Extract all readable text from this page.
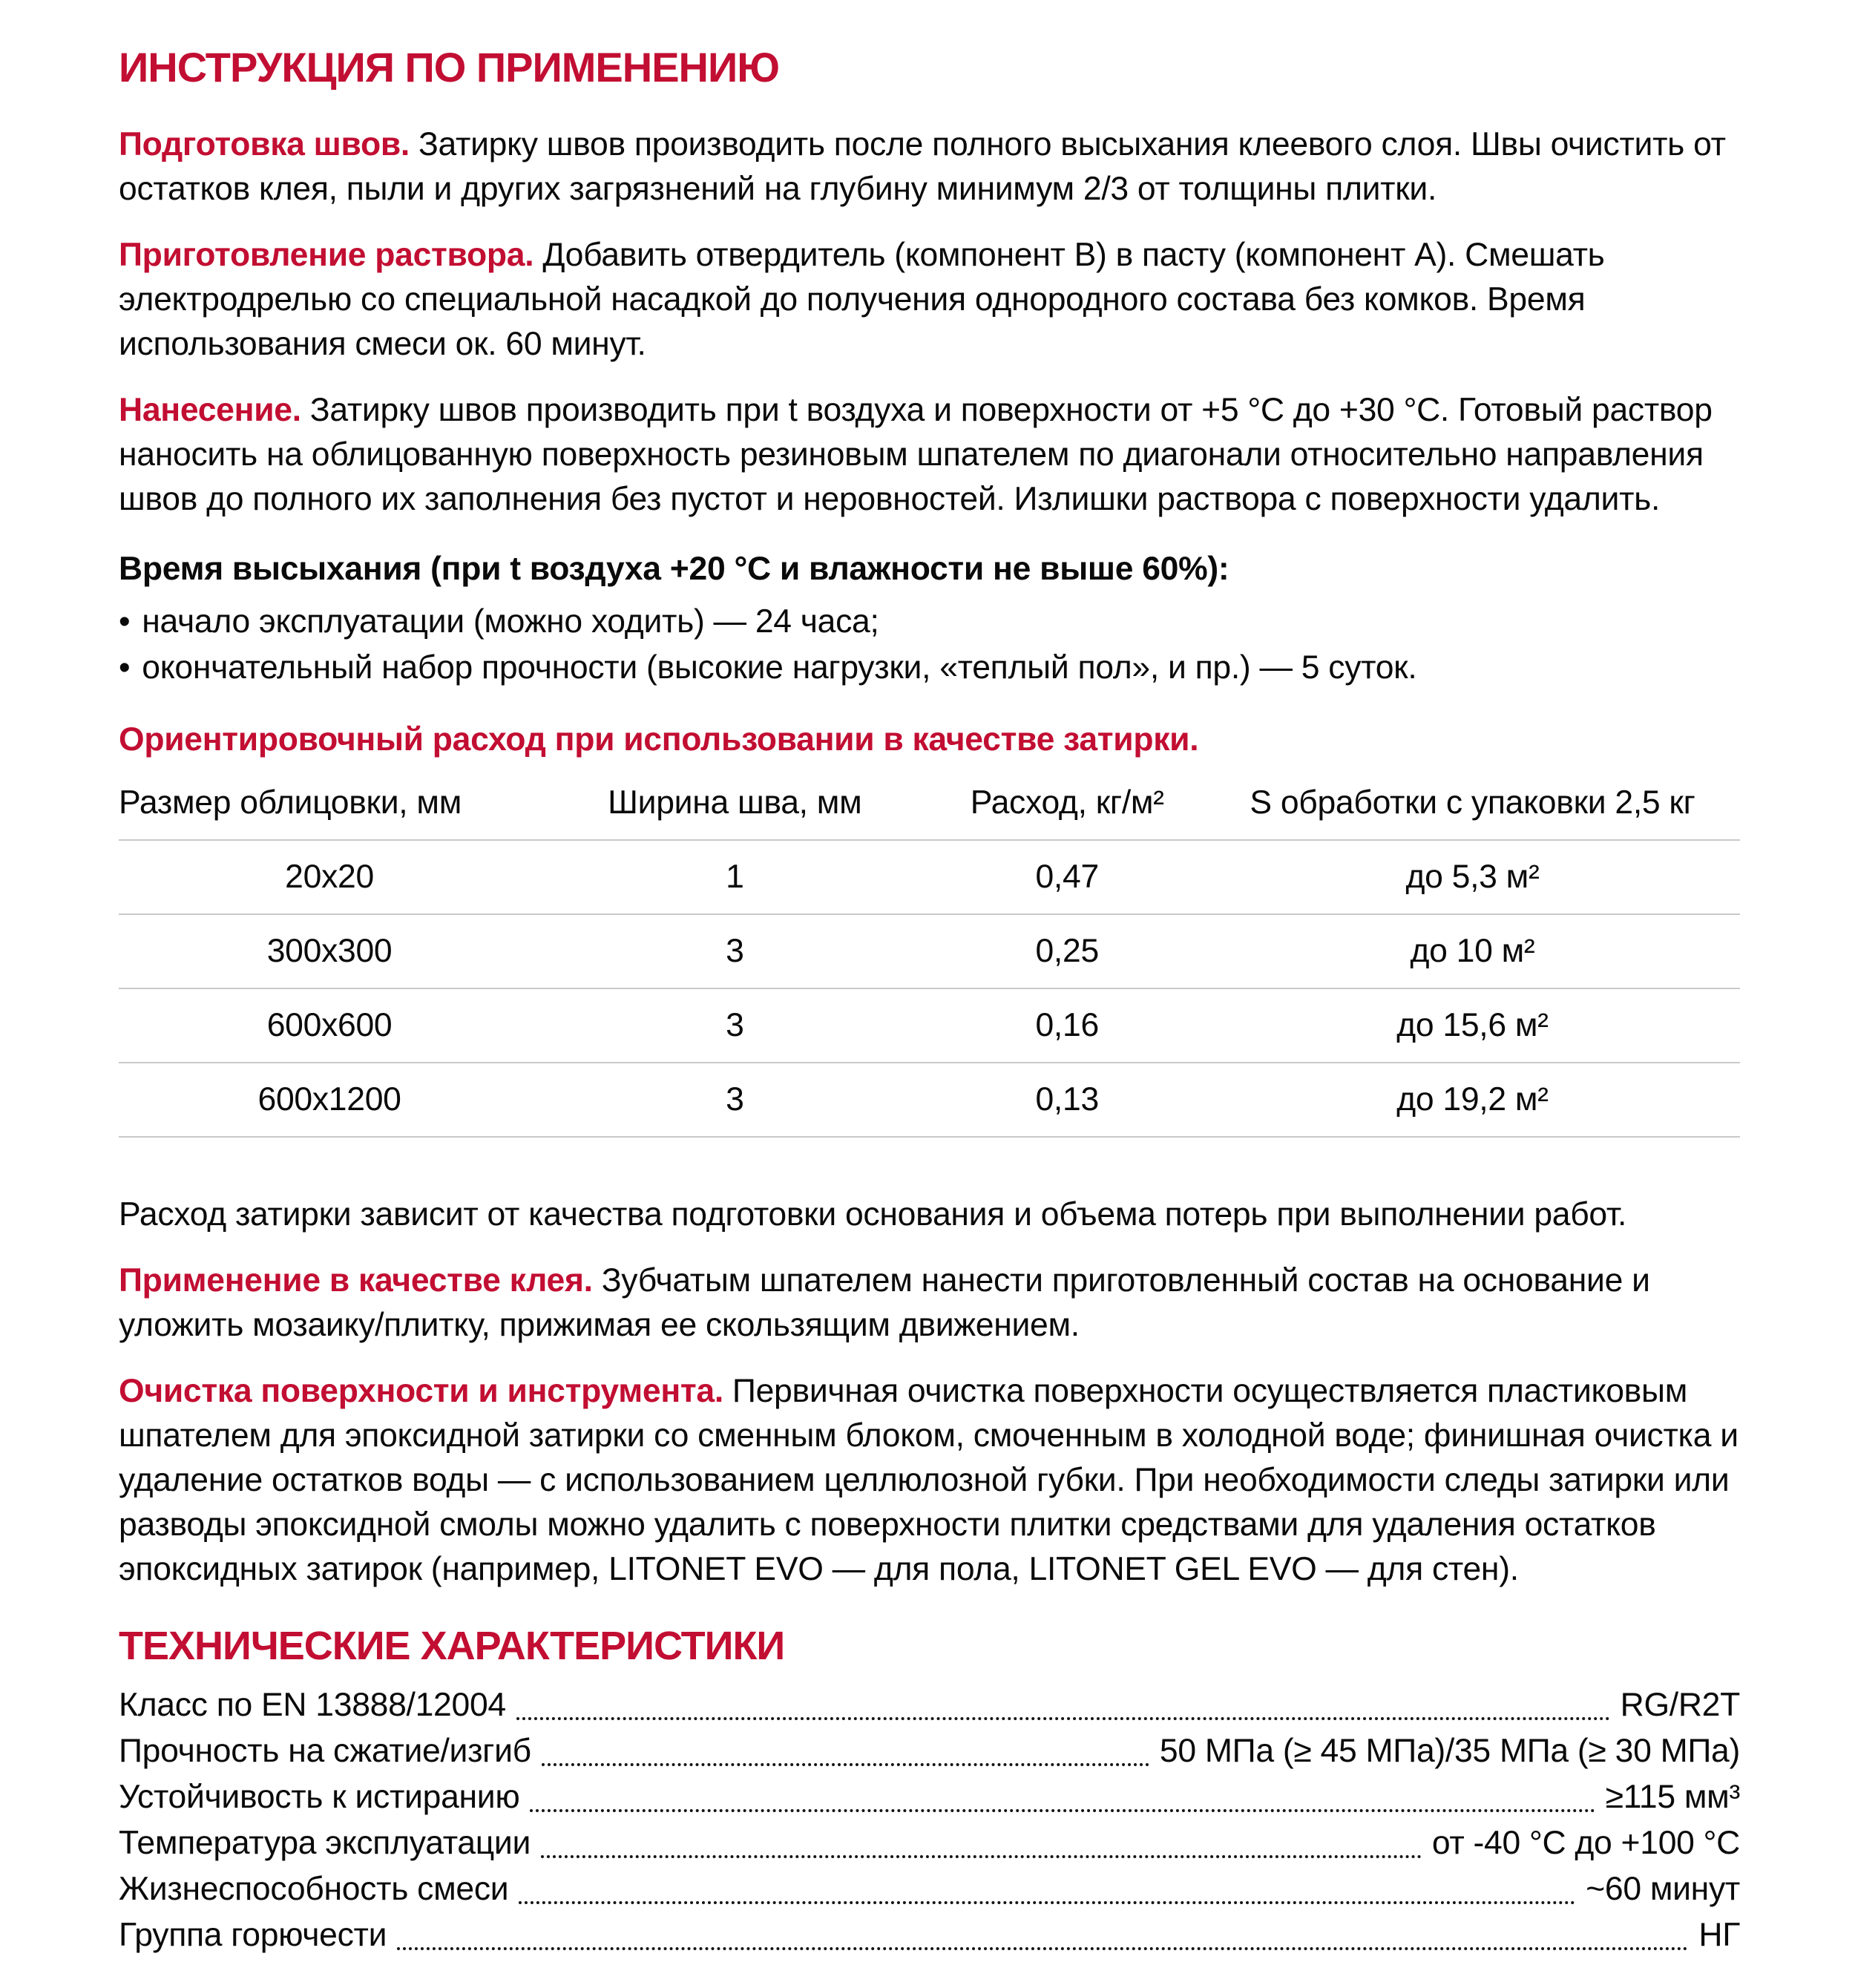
ИНСТРУКЦИЯ ПО ПРИМЕНЕНИЮ

Подготовка швов. Затирку швов производить после полного высыхания клеевого слоя. Швы очистить от остатков клея, пыли и других загрязнений на глубину минимум 2/3 от толщины плитки.

Приготовление раствора. Добавить отвердитель (компонент В) в пасту (компонент А). Смешать электродрелью со специальной насадкой до получения однородного состава без комков. Время использования смеси ок. 60 минут.

Нанесение. Затирку швов производить при t воздуха и поверхности от +5 °С до +30 °С. Готовый раствор наносить на облицованную поверхность резиновым шпателем по диагонали относительно направления швов до полного их заполнения без пустот и неровностей. Излишки раствора с поверхности удалить.

Время высыхания (при t воздуха +20 °С и влажности не выше 60%):
• начало эксплуатации (можно ходить) — 24 часа;
• окончательный набор прочности (высокие нагрузки, «теплый пол», и пр.) — 5 суток.
Ориентировочный расход при использовании в качестве затирки.
Размер облицовки, мм	Ширина шва, мм	Расход, кг/м²	S обработки с упаковки 2,5 кг
20х20	1	0,47	до 5,3 м²
300х300	3	0,25	до 10 м²
600х600	3	0,16	до 15,6 м²
600х1200	3	0,13	до 19,2 м²

Расход затирки зависит от качества подготовки основания и объема потерь при выполнении работ.

Применение в качестве клея. Зубчатым шпателем нанести приготовленный состав на основание и уложить мозаику/плитку, прижимая ее скользящим движением.

Очистка поверхности и инструмента. Первичная очистка поверхности осуществляется пластиковым шпателем для эпоксидной затирки со сменным блоком, смоченным в холодной воде; финишная очистка и удаление остатков воды — с использованием целлюлозной губки. При необходимости следы затирки или разводы эпоксидной смолы можно удалить с поверхности плитки средствами для удаления остатков эпоксидных затирок (например, LITONET EVO — для пола, LITONET GEL EVO — для стен).

ТЕХНИЧЕСКИЕ ХАРАКТЕРИСТИКИ
Класс по EN 13888/12004	RG/R2T
Прочность на сжатие/изгиб	50 МПа (≥ 45 МПа)/35 МПа (≥ 30 МПа)
Устойчивость к истиранию	≥115 мм³
Температура эксплуатации	от -40 °С до +100 °С
Жизнеспособность смеси	~60 минут
Группа горючести	НГ
